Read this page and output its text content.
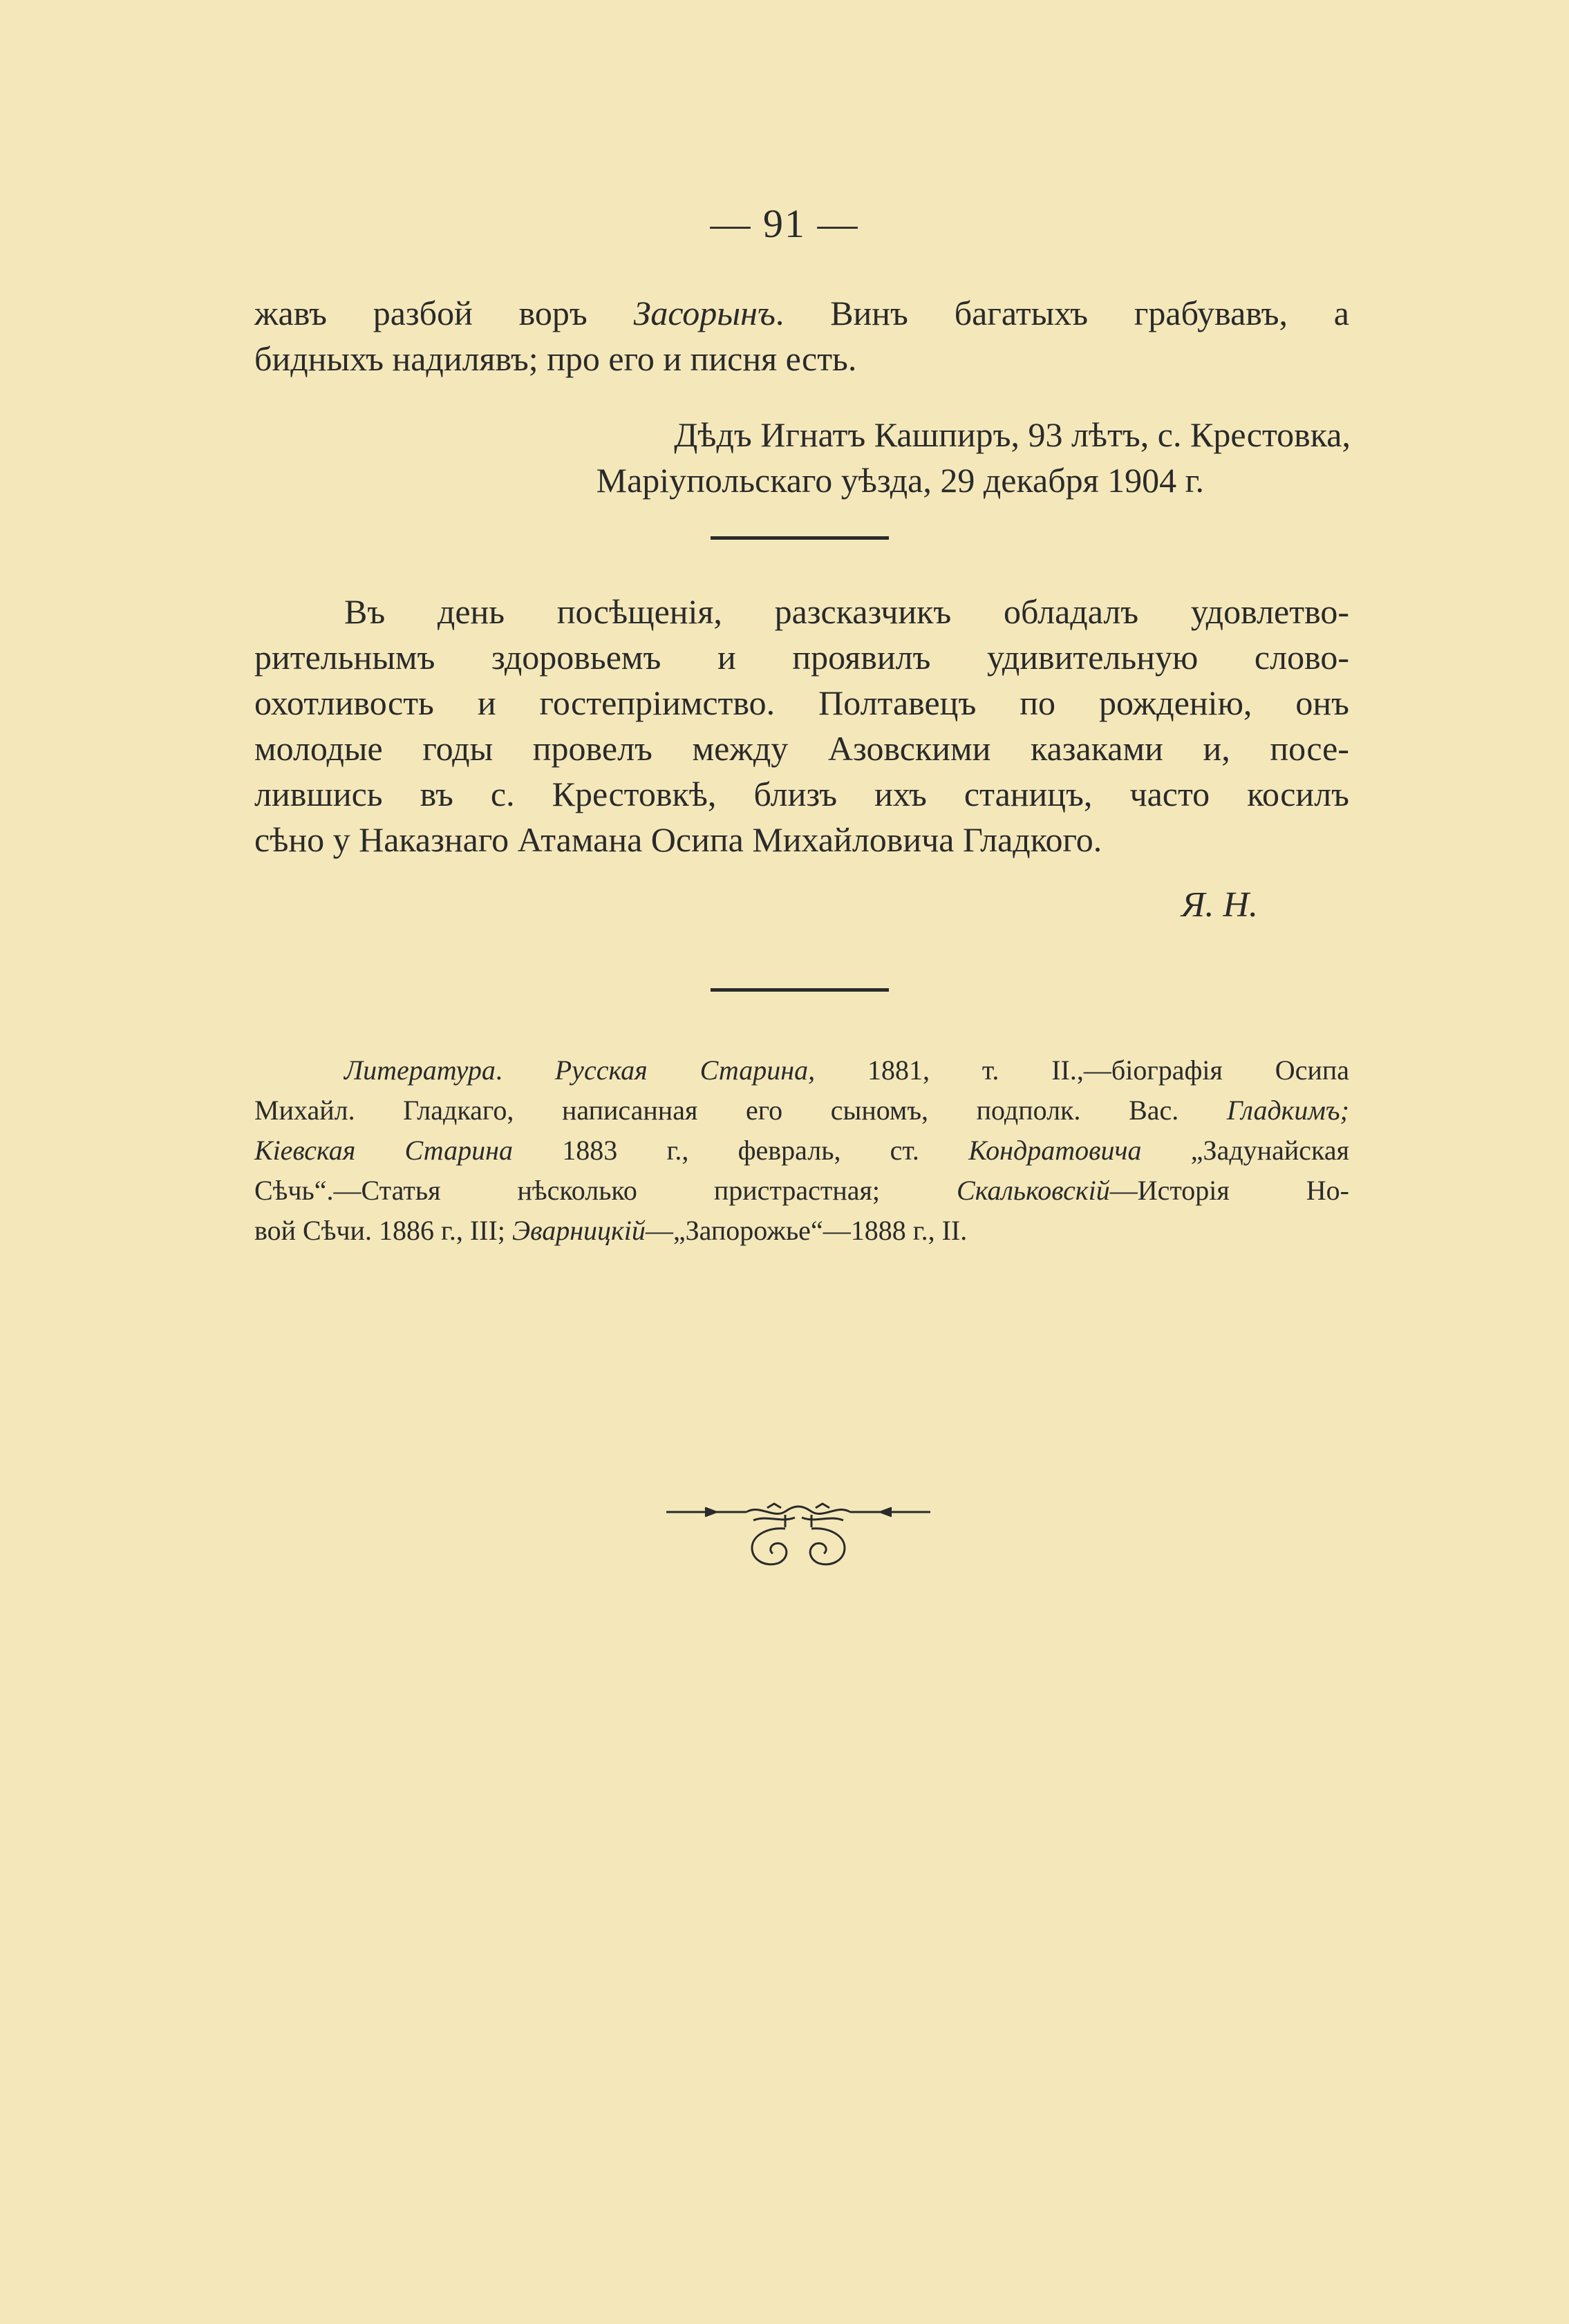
— 91 —
жавъ разбой воръ Засорынъ. Винъ багатыхъ грабувавъ, а
бидныхъ надилявъ; про его и писня есть.
Дѣдъ Игнатъ Кашпиръ, 93 лѣтъ, с. Крестовка,
Маріупольскаго уѣзда, 29 декабря 1904 г.
Въ день посѣщенія, разсказчикъ обладалъ удовлетво-
рительнымъ здоровьемъ и проявилъ удивительную слово-
охотливость и гостепріимство. Полтавецъ по рожденію, онъ
молодые годы провелъ между Азовскими казаками и, посе-
лившись въ с. Крестовкѣ, близъ ихъ станицъ, часто косилъ
сѣно у Наказнаго Атамана Осипа Михайловича Гладкого.
Я. Н.
Литература. Русская Старина, 1881, т. II.,—біографія Осипа
Михайл. Гладкаго, написанная его сыномъ, подполк. Вас. Гладкимъ;
Кіевская Старина 1883 г., февраль, ст. Кондратовича „Задунайская
Сѣчь“.—Статья нѣсколько пристрастная; Скальковскій—Исторія Но-
вой Сѣчи. 1886 г., III; Эварницкій—„Запорожье“—1888 г., II.
